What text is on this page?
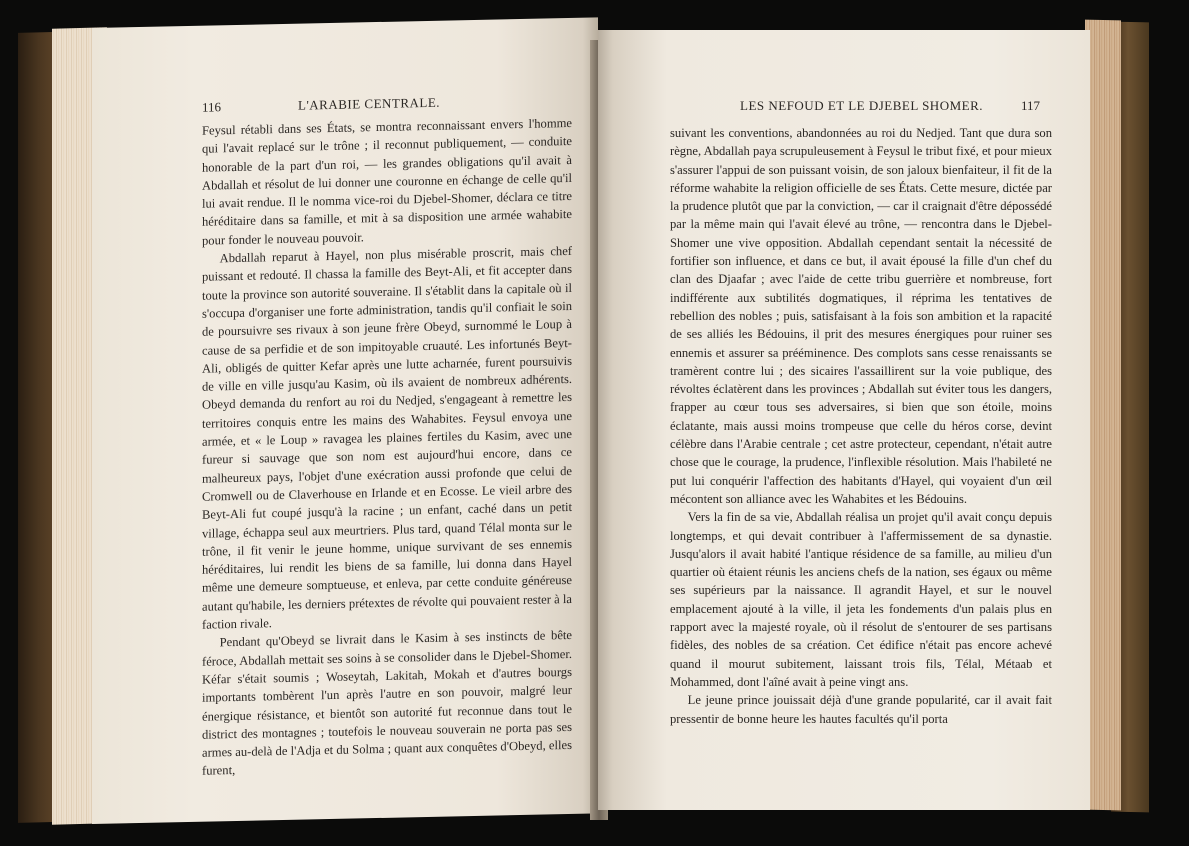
116	L'ARABIE CENTRALE.

Feysul rétabli dans ses États, se montra reconnaissant envers l'homme qui l'avait replacé sur le trône ; il reconnut publiquement, — conduite honorable de la part d'un roi, — les grandes obligations qu'il avait à Abdallah et résolut de lui donner une couronne en échange de celle qu'il lui avait rendue. Il le nomma vice-roi du Djebel-Shomer, déclara ce titre héréditaire dans sa famille, et mit à sa disposition une armée wahabite pour fonder le nouveau pouvoir.

Abdallah reparut à Hayel, non plus misérable proscrit, mais chef puissant et redouté. Il chassa la famille des Beyt-Ali, et fit accepter dans toute la province son autorité souveraine. Il s'établit dans la capitale où il s'occupa d'organiser une forte administration, tandis qu'il confiait le soin de poursuivre ses rivaux à son jeune frère Obeyd, surnommé le Loup à cause de sa perfidie et de son impitoyable cruauté. Les infortunés Beyt-Ali, obligés de quitter Kefar après une lutte acharnée, furent poursuivis de ville en ville jusqu'au Kasim, où ils avaient de nombreux adhérents. Obeyd demanda du renfort au roi du Nedjed, s'engageant à remettre les territoires conquis entre les mains des Wahabites. Feysul envoya une armée, et « le Loup » ravagea les plaines fertiles du Kasim, avec une fureur si sauvage que son nom est aujourd'hui encore, dans ce malheureux pays, l'objet d'une exécration aussi profonde que celui de Cromwell ou de Claverhouse en Irlande et en Ecosse. Le vieil arbre des Beyt-Ali fut coupé jusqu'à la racine ; un enfant, caché dans un petit village, échappa seul aux meurtriers. Plus tard, quand Télal monta sur le trône, il fit venir le jeune homme, unique survivant de ses ennemis héréditaires, lui rendit les biens de sa famille, lui donna dans Hayel même une demeure somptueuse, et enleva, par cette conduite généreuse autant qu'habile, les derniers prétextes de révolte qui pouvaient rester à la faction rivale.

Pendant qu'Obeyd se livrait dans le Kasim à ses instincts de bête féroce, Abdallah mettait ses soins à se consolider dans le Djebel-Shomer. Kéfar s'était soumis ; Woseytah, Lakitah, Mokah et d'autres bourgs importants tombèrent l'un après l'autre en son pouvoir, malgré leur énergique résistance, et bientôt son autorité fut reconnue dans tout le district des montagnes ; toutefois le nouveau souverain ne porta pas ses armes au-delà de l'Adja et du Solma ; quant aux conquêtes d'Obeyd, elles furent,

LES NEFOUD ET LE DJEBEL SHOMER.	117

suivant les conventions, abandonnées au roi du Nedjed. Tant que dura son règne, Abdallah paya scrupuleusement à Feysul le tribut fixé, et pour mieux s'assurer l'appui de son puissant voisin, de son jaloux bienfaiteur, il fit de la réforme wahabite la religion officielle de ses États. Cette mesure, dictée par la prudence plutôt que par la conviction, — car il craignait d'être dépossédé par la même main qui l'avait élevé au trône, — rencontra dans le Djebel-Shomer une vive opposition. Abdallah cependant sentait la nécessité de fortifier son influence, et dans ce but, il avait épousé la fille d'un chef du clan des Djaafar ; avec l'aide de cette tribu guerrière et nombreuse, fort indifférente aux subtilités dogmatiques, il réprima les tentatives de rebellion des nobles ; puis, satisfaisant à la fois son ambition et la rapacité de ses alliés les Bédouins, il prit des mesures énergiques pour ruiner ses ennemis et assurer sa prééminence. Des complots sans cesse renaissants se tramèrent contre lui ; des sicaires l'assaillirent sur la voie publique, des révoltes éclatèrent dans les provinces ; Abdallah sut éviter tous les dangers, frapper au cœur tous ses adversaires, si bien que son étoile, moins éclatante, mais aussi moins trompeuse que celle du héros corse, devint célèbre dans l'Arabie centrale ; cet astre protecteur, cependant, n'était autre chose que le courage, la prudence, l'inflexible résolution. Mais l'habileté ne put lui conquérir l'affection des habitants d'Hayel, qui voyaient d'un œil mécontent son alliance avec les Wahabites et les Bédouins.

Vers la fin de sa vie, Abdallah réalisa un projet qu'il avait conçu depuis longtemps, et qui devait contribuer à l'affermissement de sa dynastie. Jusqu'alors il avait habité l'antique résidence de sa famille, au milieu d'un quartier où étaient réunis les anciens chefs de la nation, ses égaux ou même ses supérieurs par la naissance. Il agrandit Hayel, et sur le nouvel emplacement ajouté à la ville, il jeta les fondements d'un palais plus en rapport avec la majesté royale, où il résolut de s'entourer de ses partisans fidèles, des nobles de sa création. Cet édifice n'était pas encore achevé quand il mourut subitement, laissant trois fils, Télal, Métaab et Mohammed, dont l'aîné avait à peine vingt ans.

Le jeune prince jouissait déjà d'une grande popularité, car il avait fait pressentir de bonne heure les hautes facultés qu'il porta
